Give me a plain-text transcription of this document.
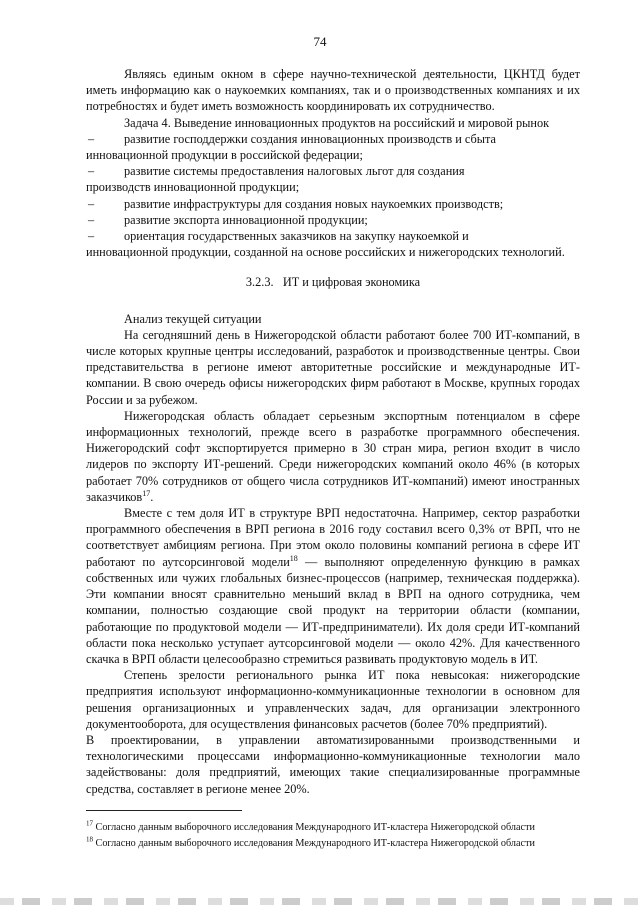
74

Являясь единым окном в сфере научно-технической деятельности, ЦКНТД будет иметь информацию как о наукоемких компаниях, так и о производственных компаниях и их потребностях и будет иметь возможность координировать их сотрудничество.

Задача 4. Выведение инновационных продуктов на российский и мировой рынок

–	развитие господдержки создания инновационных производств и сбыта

инновационной продукции в российской федерации;

–	развитие системы предоставления налоговых льгот для создания

производств инновационной продукции;

–	развитие инфраструктуры для создания новых наукоемких производств;
–	развитие экспорта инновационной продукции;
–	ориентация государственных заказчиков на закупку наукоемкой и

инновационной продукции, созданной на основе российских и нижегородских технологий.

3.2.3. ИТ и цифровая экономика

Анализ текущей ситуации

На сегодняшний день в Нижегородской области работают более 700 ИТ-компаний, в числе которых крупные центры исследований, разработок и производственные центры. Свои представительства в регионе имеют авторитетные российские и международные ИТ-компании. В свою очередь офисы нижегородских фирм работают в Москве, крупных городах России и за рубежом.

Нижегородская область обладает серьезным экспортным потенциалом в сфере информационных технологий, прежде всего в разработке программного обеспечения. Нижегородский софт экспортируется примерно в 30 стран мира, регион входит в число лидеров по экспорту ИТ-решений. Среди нижегородских компаний около 46% (в которых работает 70% сотрудников от общего числа сотрудников ИТ-компаний) имеют иностранных заказчиков$^{17}$.

Вместе с тем доля ИТ в структуре ВРП недостаточна. Например, сектор разработки программного обеспечения в ВРП региона в 2016 году составил всего 0,3% от ВРП, что не соответствует амбициям региона. При этом около половины компаний региона в сфере ИТ работают по аутсорсинговой модели$^{18}$ — выполняют определенную функцию в рамках собственных или чужих глобальных бизнес-процессов (например, техническая поддержка). Эти компании вносят сравнительно меньший вклад в ВРП на одного сотрудника, чем компании, полностью создающие свой продукт на территории области (компании, работающие по продуктовой модели — ИТ-предприниматели). Их доля среди ИТ-компаний области пока несколько уступает аутсорсинговой модели — около 42%. Для качественного скачка в ВРП области целесообразно стремиться развивать продуктовую модель в ИТ.

Степень зрелости регионального рынка ИТ пока невысокая: нижегородские предприятия используют информационно-коммуникационные технологии в основном для решения организационных и управленческих задач, для организации электронного документооборота, для осуществления финансовых расчетов (более 70% предприятий).

В проектировании, в управлении автоматизированными производственными и технологическими процессами информационно-коммуникационные технологии мало задействованы: доля предприятий, имеющих такие специализированные программные средства, составляет в регионе менее 20%.

$^{17}$ Согласно данным выборочного исследования Международного ИТ-кластера Нижегородской области
$^{18}$ Согласно данным выборочного исследования Международного ИТ-кластера Нижегородской области
